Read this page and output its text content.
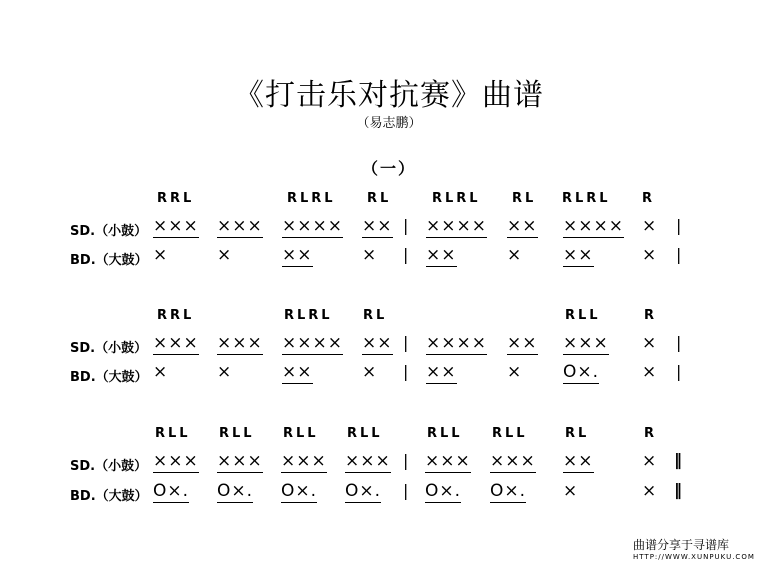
《打击乐对抗赛》曲谱
（易志鹏）
（一）
RRL	RLRL RL	RLRL RL RLRL R
SD.（小鼓） ××× ××× ×××× ×× | ×××× ×× ×××× × |
BD.（大鼓） ×	×	××	× | ××	× ××	× |
RRL	RLRL RL	RLL	R
SD.（小鼓） ××× ××× ×××× ×× | ×××× ×× ××× × |
BD.（大鼓） ×	×	××	× | ××	× O×.	× |
RLL RLL RLL RLL	RLL RLL	RL	R
SD.（小鼓） ××× ××× ××× ××× | ××× ××× ××	× ‖
BD.（大鼓） O×. O×. O×. O×. | O×. O×. ×	× ‖
曲谱分享于寻谱库
HTTP://WWW.XUNPUKU.COM
